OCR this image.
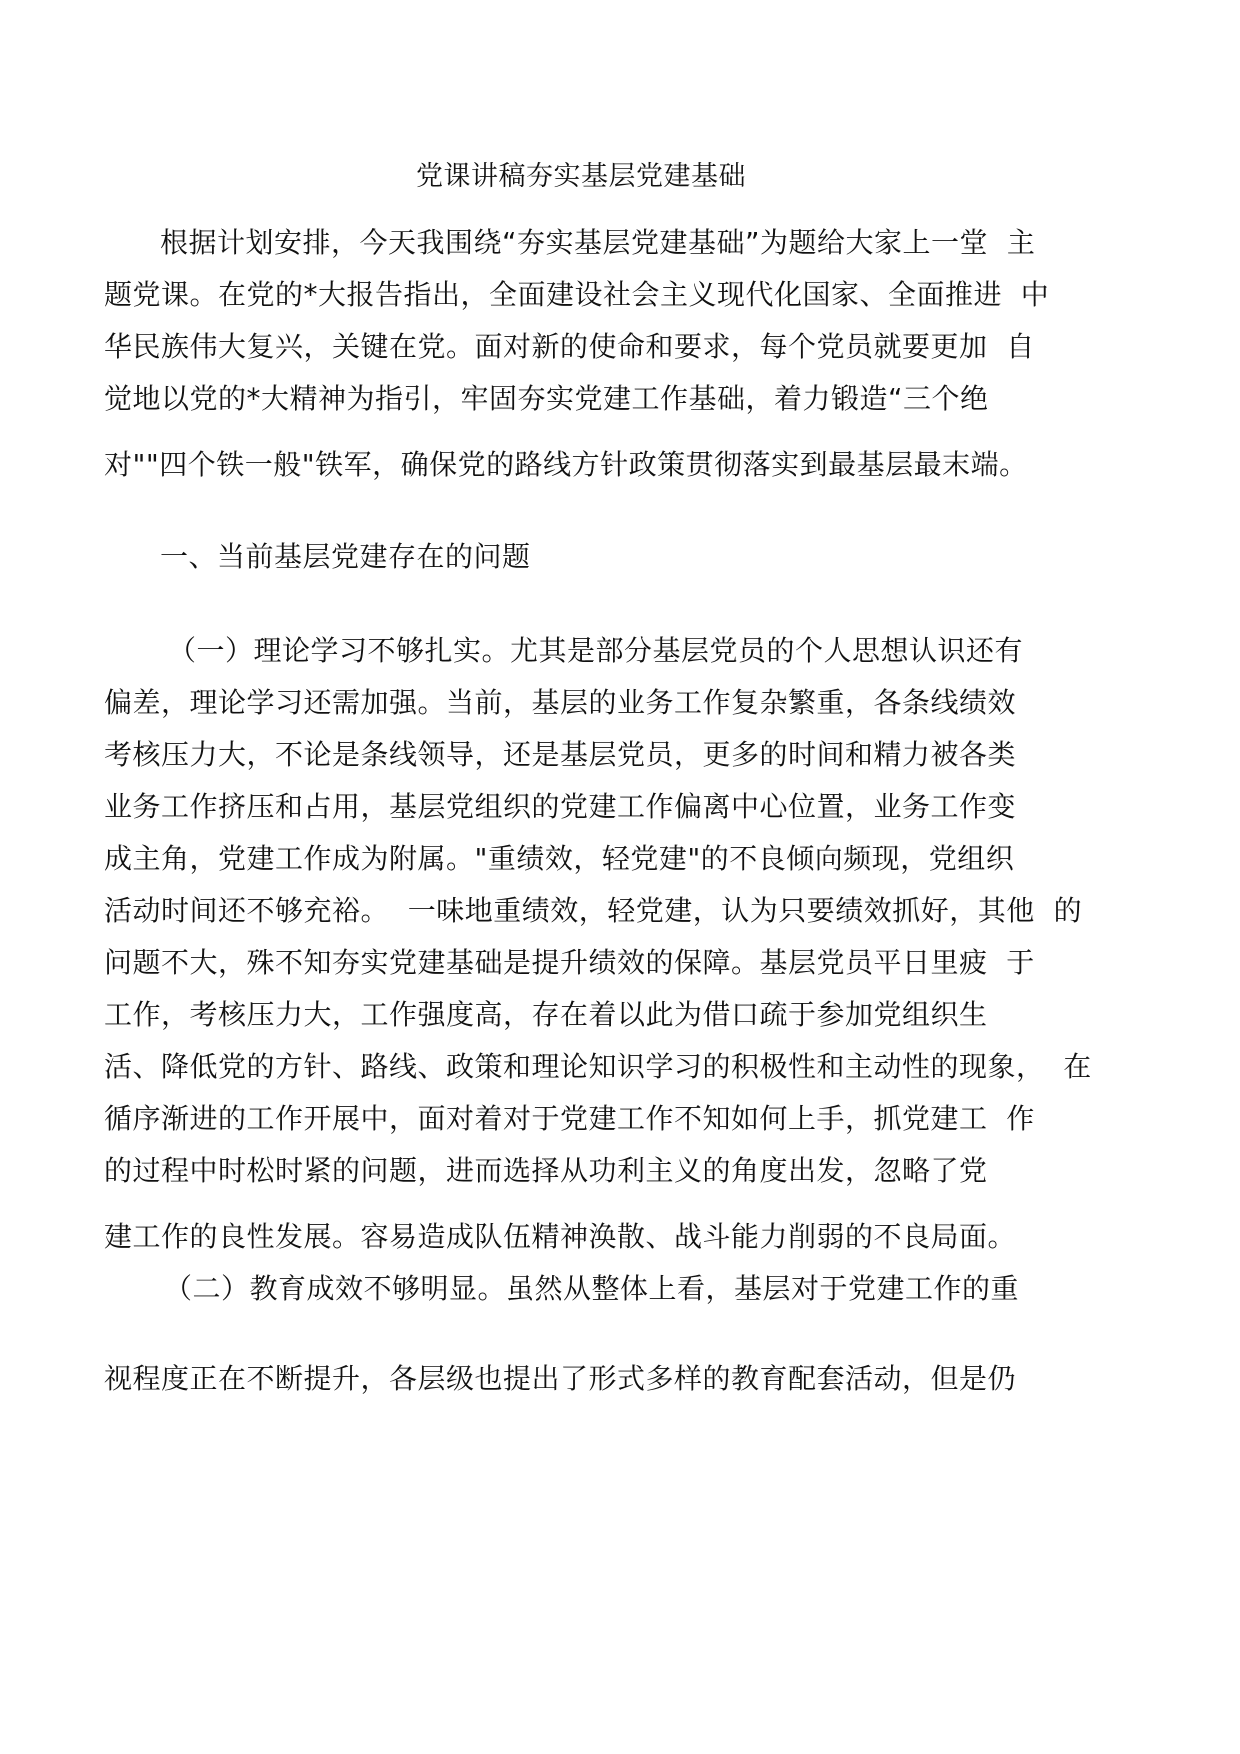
党课讲稿夯实基层党建基础
根据计划安排，今天我围绕“夯实基层党建基础”为题给大家上一堂  主
题党课。在党的*大报告指出，全面建设社会主义现代化国家、全面推进  中
华民族伟大复兴，关键在党。面对新的使命和要求，每个党员就要更加  自
觉地以党的*大精神为指引，牢固夯实党建工作基础，着力锻造“三个绝
对""四个铁一般"铁军，确保党的路线方针政策贯彻落实到最基层最末端。
一、当前基层党建存在的问题
（一）理论学习不够扎实。尤其是部分基层党员的个人思想认识还有
偏差，理论学习还需加强。当前，基层的业务工作复杂繁重，各条线绩效
考核压力大，不论是条线领导，还是基层党员，更多的时间和精力被各类
业务工作挤压和占用，基层党组织的党建工作偏离中心位置，业务工作变
成主角，党建工作成为附属。"重绩效，轻党建"的不良倾向频现，党组织
活动时间还不够充裕。  一味地重绩效，轻党建，认为只要绩效抓好，其他  的
问题不大，殊不知夯实党建基础是提升绩效的保障。基层党员平日里疲  于
工作，考核压力大，工作强度高，存在着以此为借口疏于参加党组织生
活、降低党的方针、路线、政策和理论知识学习的积极性和主动性的现象，  在
循序渐进的工作开展中，面对着对于党建工作不知如何上手，抓党建工  作
的过程中时松时紧的问题，进而选择从功利主义的角度出发，忽略了党
建工作的良性发展。容易造成队伍精神涣散、战斗能力削弱的不良局面。
（二）教育成效不够明显。虽然从整体上看，基层对于党建工作的重
视程度正在不断提升，各层级也提出了形式多样的教育配套活动，但是仍
